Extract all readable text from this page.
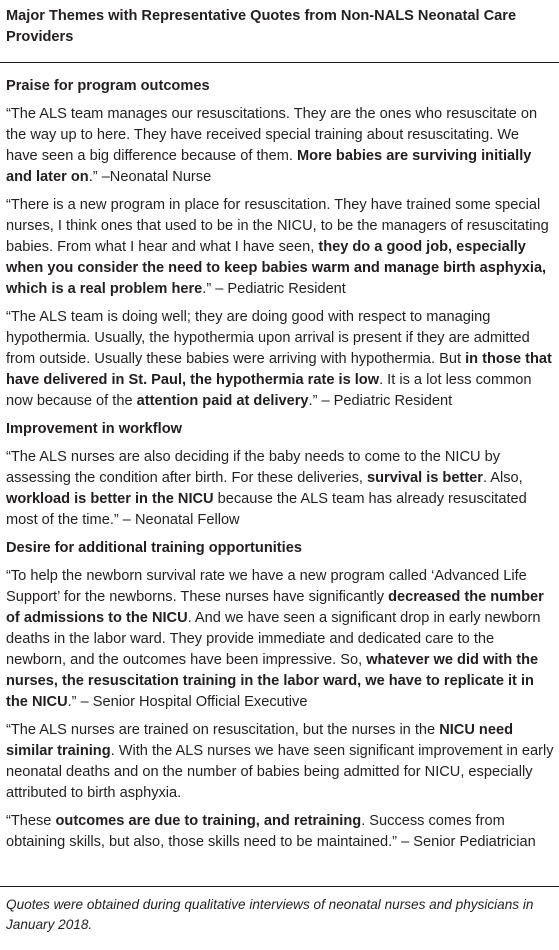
Major Themes with Representative Quotes from Non-NALS Neonatal Care Providers

Praise for program outcomes

“The ALS team manages our resuscitations. They are the ones who resuscitate on the way up to here. They have received special training about resuscitating. We have seen a big difference because of them. More babies are surviving initially and later on.” –Neonatal Nurse

“There is a new program in place for resuscitation. They have trained some special nurses, I think ones that used to be in the NICU, to be the managers of resuscitating babies. From what I hear and what I have seen, they do a good job, especially when you consider the need to keep babies warm and manage birth asphyxia, which is a real problem here.” – Pediatric Resident

“The ALS team is doing well; they are doing good with respect to managing hypothermia. Usually, the hypothermia upon arrival is present if they are admitted from outside. Usually these babies were arriving with hypothermia. But in those that have delivered in St. Paul, the hypothermia rate is low. It is a lot less common now because of the attention paid at delivery.” – Pediatric Resident

Improvement in workflow

“The ALS nurses are also deciding if the baby needs to come to the NICU by assessing the condition after birth. For these deliveries, survival is better. Also, workload is better in the NICU because the ALS team has already resuscitated most of the time.” – Neonatal Fellow

Desire for additional training opportunities

“To help the newborn survival rate we have a new program called ‘Advanced Life Support’ for the newborns. These nurses have significantly decreased the number of admissions to the NICU. And we have seen a significant drop in early newborn deaths in the labor ward. They provide immediate and dedicated care to the newborn, and the outcomes have been impressive. So, whatever we did with the nurses, the resuscitation training in the labor ward, we have to replicate it in the NICU.” – Senior Hospital Official Executive

“The ALS nurses are trained on resuscitation, but the nurses in the NICU need similar training. With the ALS nurses we have seen significant improvement in early neonatal deaths and on the number of babies being admitted for NICU, especially attributed to birth asphyxia.

“These outcomes are due to training, and retraining. Success comes from obtaining skills, but also, those skills need to be maintained.” – Senior Pediatrician

Quotes were obtained during qualitative interviews of neonatal nurses and physicians in January 2018.
